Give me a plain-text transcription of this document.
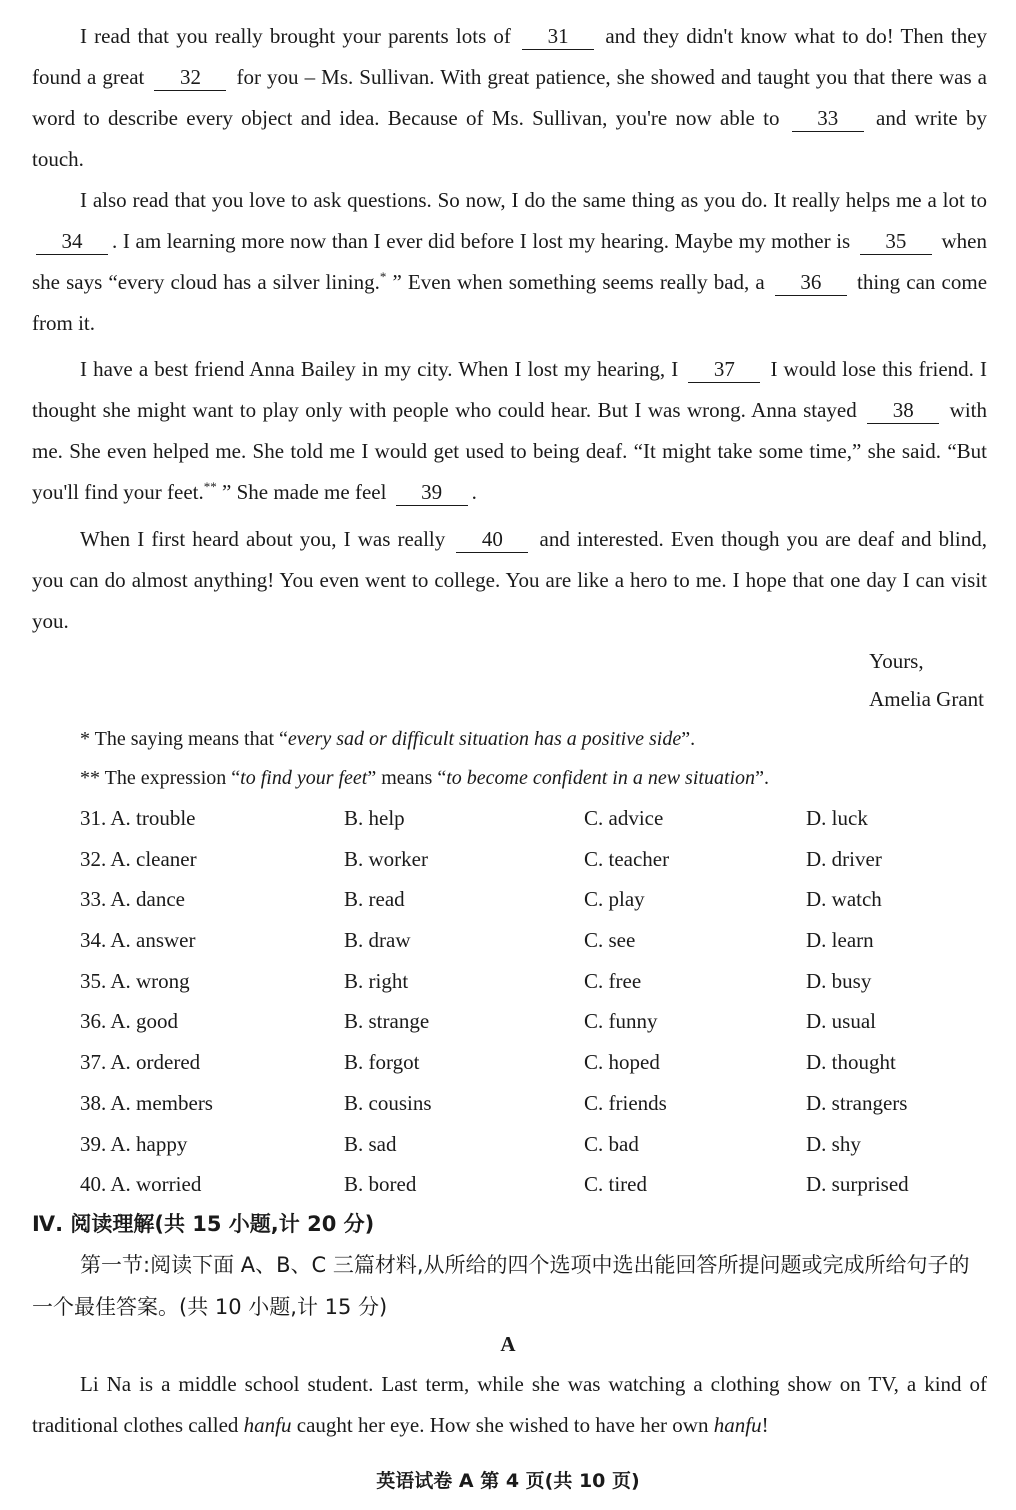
I read that you really brought your parents lots of 31 and they didn't know what to do! Then they found a great 32 for you – Ms. Sullivan. With great patience, she showed and taught you that there was a word to describe every object and idea. Because of Ms. Sullivan, you're now able to 33 and write by touch.

I also read that you love to ask questions. So now, I do the same thing as you do. It really helps me a lot to 34 . I am learning more now than I ever did before I lost my hearing. Maybe my mother is 35 when she says “every cloud has a silver lining.* ” Even when something seems really bad, a 36 thing can come from it.

I have a best friend Anna Bailey in my city. When I lost my hearing, I 37 I would lose this friend. I thought she might want to play only with people who could hear. But I was wrong. Anna stayed 38 with me. She even helped me. She told me I would get used to being deaf. “It might take some time,” she said. “But you'll find your feet.** ” She made me feel 39 .

When I first heard about you, I was really 40 and interested. Even though you are deaf and blind, you can do almost anything! You even went to college. You are like a hero to me. I hope that one day I can visit you.

Yours,
Amelia Grant
* The saying means that “every sad or difficult situation has a positive side”.
** The expression “to find your feet” means “to become confident in a new situation”.
31. A. trouble	B. help	C. advice	D. luck
32. A. cleaner	B. worker	C. teacher	D. driver
33. A. dance	B. read	C. play	D. watch
34. A. answer	B. draw	C. see	D. learn
35. A. wrong	B. right	C. free	D. busy
36. A. good	B. strange	C. funny	D. usual
37. A. ordered	B. forgot	C. hoped	D. thought
38. A. members	B. cousins	C. friends	D. strangers
39. A. happy	B. sad	C. bad	D. shy
40. A. worried	B. bored	C. tired	D. surprised
Ⅳ. 阅读理解(共 15 小题,计 20 分)

第一节:阅读下面 A、B、C 三篇材料,从所给的四个选项中选出能回答所提问题或完成所给句子的一个最佳答案。(共 10 小题,计 15 分)

A

Li Na is a middle school student. Last term, while she was watching a clothing show on TV, a kind of traditional clothes called hanfu caught her eye. How she wished to have her own hanfu!

英语试卷 A 第 4 页(共 10 页)
